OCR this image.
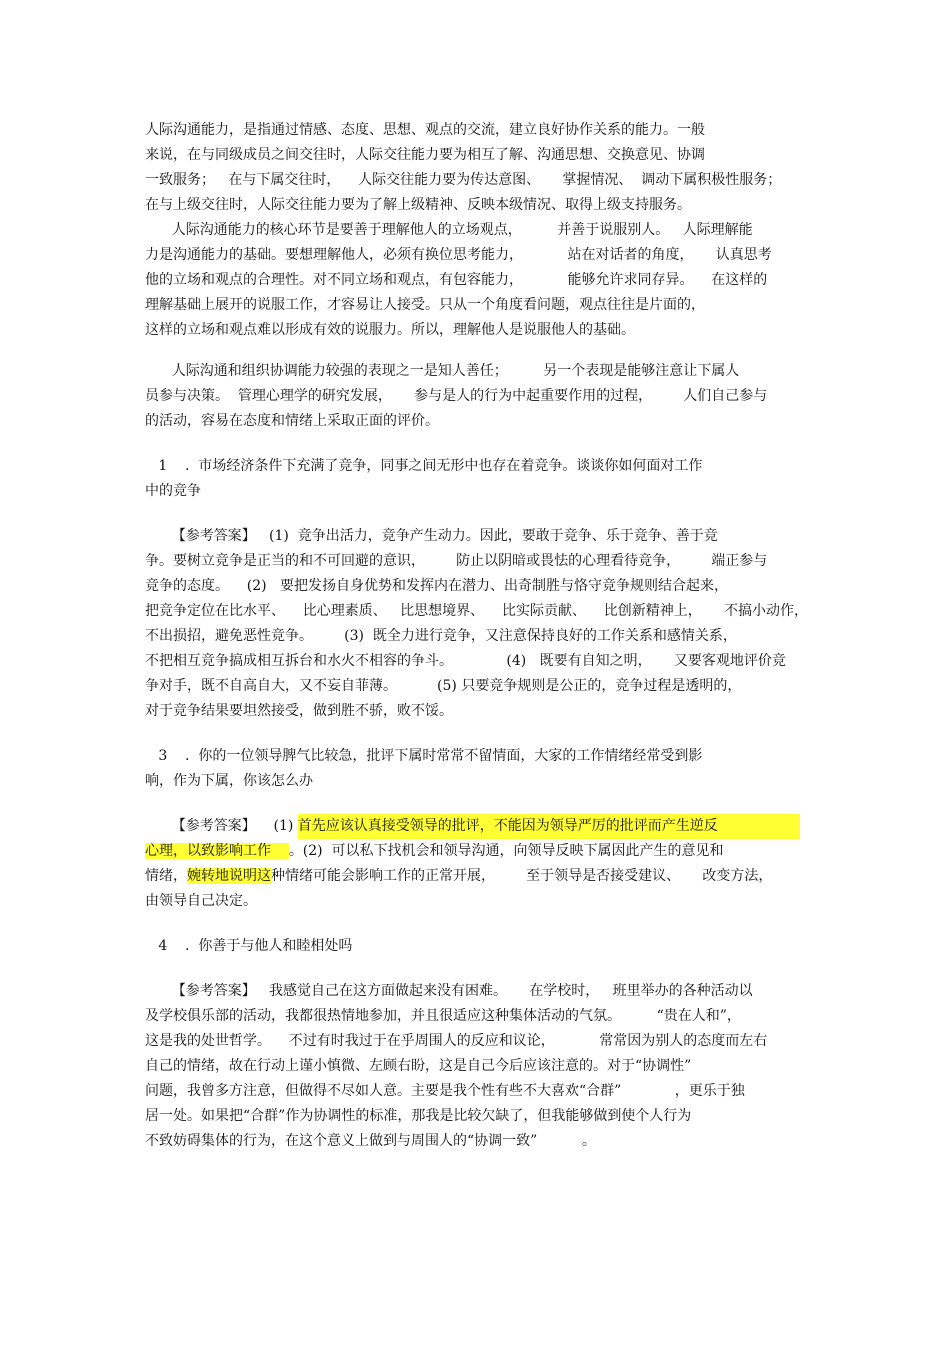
人际沟通能力，是指通过情感、态度、思想、观点的交流，建立良好协作关系的能力。一般
来说，在与同级成员之间交往时，人际交往能力要为相互了解、沟通思想、交换意见、协调
一致服务；   在与下属交往时，    人际交往能力要为传达意图、     掌握情况、  调动下属积极性服务；
在与上级交往时，人际交往能力要为了解上级精神、反映本级情况、取得上级支持服务。
人际沟通能力的核心环节是要善于理解他人的立场观点，        并善于说服别人。   人际理解能
力是沟通能力的基础。要想理解他人，必须有换位思考能力，          站在对话者的角度，     认真思考
他的立场和观点的合理性。对不同立场和观点，有包容能力，          能够允许求同存异。    在这样的
理解基础上展开的说服工作，才容易让人接受。只从一个角度看问题，观点往往是片面的，
这样的立场和观点难以形成有效的说服力。所以，理解他人是说服他人的基础。
人际沟通和组织协调能力较强的表现之一是知人善任；        另一个表现是能够注意让下属人
员参与决策。  管理心理学的研究发展，     参与是人的行为中起重要作用的过程，       人们自己参与
的活动，容易在态度和情绪上采取正面的评价。
1    .  市场经济条件下充满了竞争，同事之间无形中也存在着竞争。谈谈你如何面对工作
中的竞争
【参考答案】   (1)  竞争出活力，竞争产生动力。因此，要敢于竞争、乐于竞争、善于竞
争。要树立竞争是正当的和不可回避的意识，       防止以阴暗或畏怯的心理看待竞争，       端正参与
竞争的态度。    (2)   要把发扬自身优势和发挥内在潜力、出奇制胜与恪守竞争规则结合起来，
把竞争定位在比水平、    比心理素质、   比思想境界、    比实际贡献、    比创新精神上，     不搞小动作，
不出损招，避免恶性竞争。       (3)  既全力进行竞争，又注意保持良好的工作关系和感情关系，
不把相互竞争搞成相互拆台和水火不相容的争斗。            (4)   既要有自知之明，     又要客观地评价竞
争对手，既不自高自大，又不妄自菲薄。         (5) 只要竞争规则是公正的，竞争过程是透明的，
对于竞争结果要坦然接受，做到胜不骄，败不馁。
3    .  你的一位领导脾气比较急，批评下属时常常不留情面，大家的工作情绪经常受到影
响，作为下属，你该怎么办
【参考答案】    (1) 首先应该认真接受领导的批评，不能因为领导严厉的批评而产生逆反
心理，以致影响工作    。(2)  可以私下找机会和领导沟通，向领导反映下属因此产生的意见和
情绪，婉转地说明这种情绪可能会影响工作的正常开展，       至于领导是否接受建议、     改变方法，
由领导自己决定。
4    .  你善于与他人和睦相处吗
【参考答案】   我感觉自己在这方面做起来没有困难。     在学校时，   班里举办的各种活动以
及学校俱乐部的活动，我都很热情地参加，并且很适应这种集体活动的气氛。        “贵在人和”，
这是我的处世哲学。    不过有时我过于在乎周围人的反应和议论，          常常因为别人的态度而左右
自己的情绪，故在行动上谨小慎微、左顾右盼，这是自己今后应该注意的。对于“协调性”
问题，我曾多方注意，但做得不尽如人意。主要是我个性有些不大喜欢“合群”            ，更乐于独
居一处。如果把“合群”作为协调性的标准，那我是比较欠缺了，但我能够做到使个人行为
不致妨碍集体的行为，在这个意义上做到与周围人的“协调一致”          。
